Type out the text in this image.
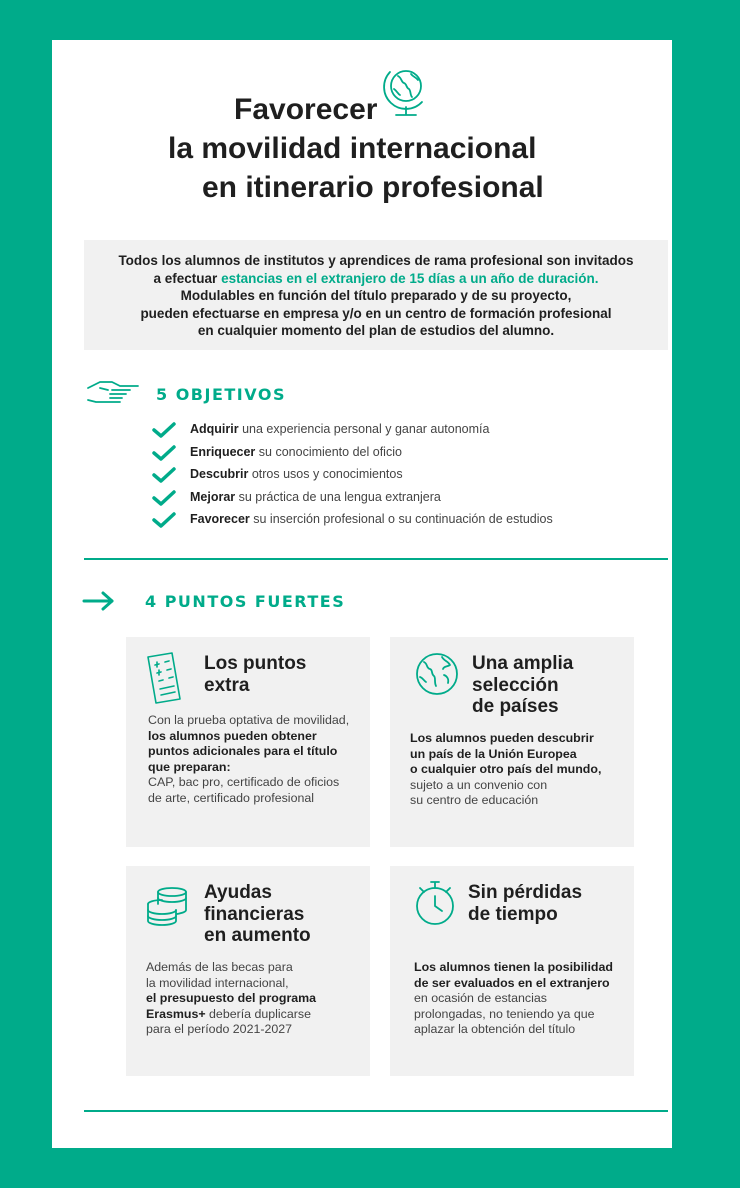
Favorecer
la movilidad internacional
en itinerario profesional
Todos los alumnos de institutos y aprendices de rama profesional son invitados
a efectuar estancias en el extranjero de 15 días a un año de duración.
Modulables en función del título preparado y de su proyecto,
pueden efectuarse en empresa y/o en un centro de formación profesional
en cualquier momento del plan de estudios del alumno.
5 OBJETIVOS
Adquirir una experiencia personal y ganar autonomía
Enriquecer su conocimiento del oficio
Descubrir otros usos y conocimientos
Mejorar su práctica de una lengua extranjera
Favorecer su inserción profesional o su continuación de estudios
4 PUNTOS FUERTES
Los puntos
extra
Con la prueba optativa de movilidad,
los alumnos pueden obtener
puntos adicionales para el título
que preparan:
CAP, bac pro, certificado de oficios
de arte, certificado profesional
Una amplia
selección
de países
Los alumnos pueden descubrir
un país de la Unión Europea
o cualquier otro país del mundo,
sujeto a un convenio con
su centro de educación
Ayudas
financieras
en aumento
Además de las becas para
la movilidad internacional,
el presupuesto del programa
Erasmus+ debería duplicarse
para el período 2021-2027
Sin pérdidas
de tiempo
Los alumnos tienen la posibilidad
de ser evaluados en el extranjero
en ocasión de estancias
prolongadas, no teniendo ya que
aplazar la obtención del título
